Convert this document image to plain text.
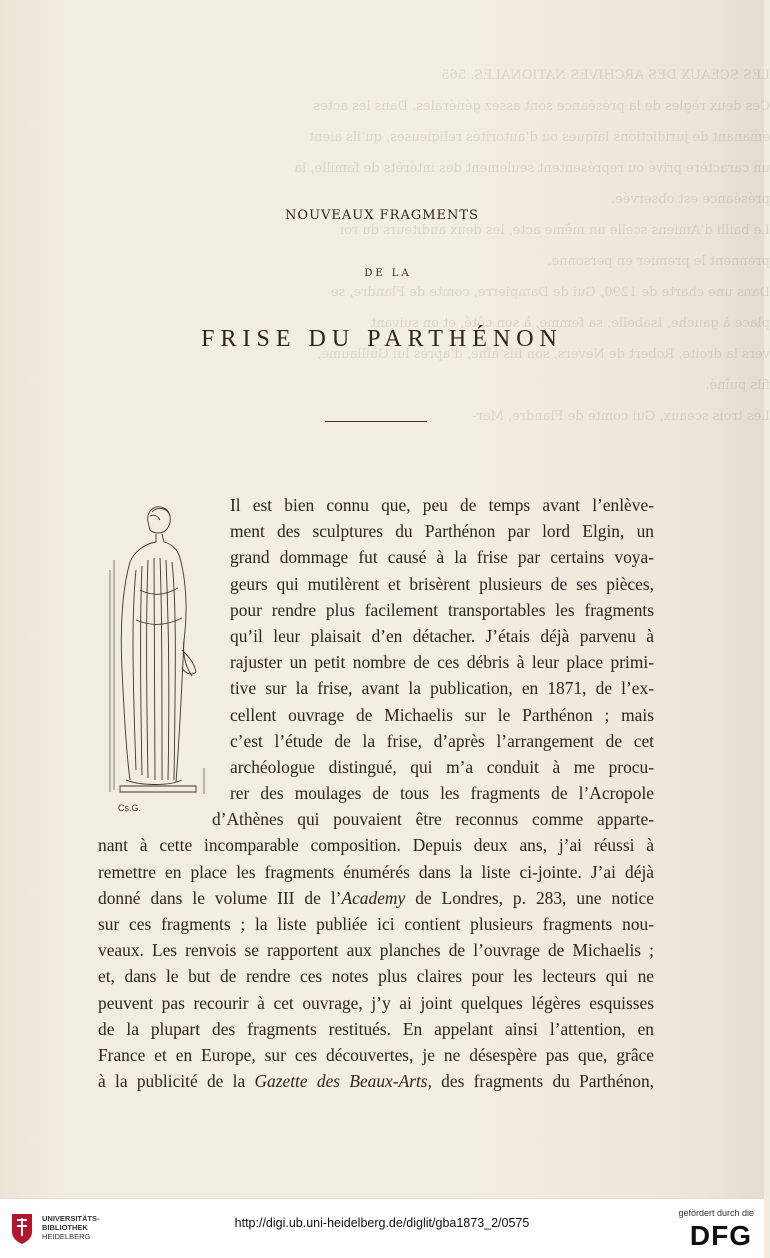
LES SCEAUX DES ARCHIVES NATIONALES. 565
Ces deux règles de la préséance sont assez générales. Dans les actes
émanant de juridictions laïques ou d’autorités religieuses, qu’ils aient
un caractère privé ou représentent seulement des intérêts de famille, la
préséance est observée.
Le bailli d’Amiens scelle un même acte, les deux auditeurs du roi
prennent le premier en personne.
Dans une charte de 1290, Gui de Dampierre, comte de Flandre, se
place à gauche, Isabelle, sa femme, à son côté, et on suivant
vers la droite, Robert de Nevers, son fils aîné, d’après lui Guillaume,
fils puîné.
Les trois sceaux, Gui comte de Flandre, Mar-
NOUVEAUX FRAGMENTS
DE LA
FRISE DU PARTHÉNON
Cṣ.G.
Il est bien connu que, peu de temps avant l’enlève-
ment des sculptures du Parthénon par lord Elgin, un
grand dommage fut causé à la frise par certains voya-
geurs qui mutilèrent et brisèrent plusieurs de ses pièces,
pour rendre plus facilement transportables les fragments
qu’il leur plaisait d’en détacher. J’étais déjà parvenu à
rajuster un petit nombre de ces débris à leur place primi-
tive sur la frise, avant la publication, en 1871, de l’ex-
cellent ouvrage de Michaelis sur le Parthénon ; mais
c’est l’étude de la frise, d’après l’arrangement de cet
archéologue distingué, qui m’a conduit à me procu-
rer des moulages de tous les fragments de l’Acropole
d’Athènes qui pouvaient être reconnus comme apparte-
nant à cette incomparable composition. Depuis deux ans, j’ai réussi à
remettre en place les fragments énumérés dans la liste ci-jointe. J’ai déjà
donné dans le volume III de l’Academy de Londres, p. 283, une notice
sur ces fragments ; la liste publiée ici contient plusieurs fragments nou-
veaux. Les renvois se rapportent aux planches de l’ouvrage de Michaelis ;
et, dans le but de rendre ces notes plus claires pour les lecteurs qui ne
peuvent pas recourir à cet ouvrage, j’y ai joint quelques légères esquisses
de la plupart des fragments restitués. En appelant ainsi l’attention, en
France et en Europe, sur ces découvertes, je ne désespère pas que, grâce
à la publicité de la Gazette des Beaux-Arts, des fragments du Parthénon,
UNIVERSITÄTS-
BIBLIOTHEK
HEIDELBERG
http://digi.ub.uni-heidelberg.de/diglit/gba1873_2/0575
gefördert durch die
DFG
